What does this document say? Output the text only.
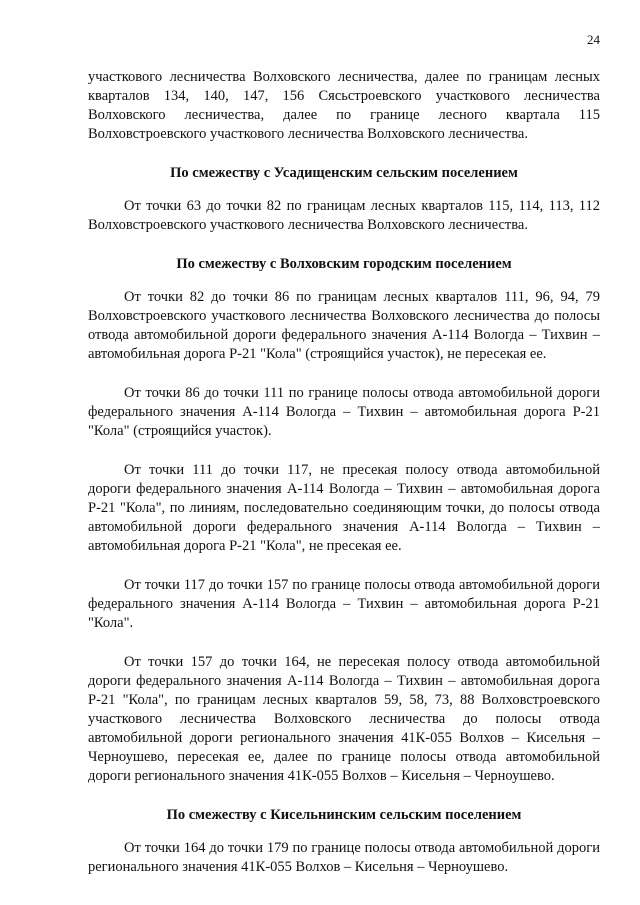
24

участкового лесничества Волховского лесничества, далее по границам лесных кварталов 134, 140, 147, 156 Сясьстроевского участкового лесничества Волховского лесничества, далее по границе лесного квартала 115 Волховстроевского участкового лесничества Волховского лесничества.

По смежеству с Усадищенским сельским поселением

От точки 63 до точки 82 по границам лесных кварталов 115, 114, 113, 112 Волховстроевского участкового лесничества Волховского лесничества.

По смежеству с Волховским городским поселением

От точки 82 до точки 86 по границам лесных кварталов 111, 96, 94, 79 Волховстроевского участкового лесничества Волховского лесничества до полосы отвода автомобильной дороги федерального значения А-114 Вологда – Тихвин – автомобильная дорога Р-21 "Кола" (строящийся участок), не пересекая ее.

От точки 86 до точки 111 по границе полосы отвода автомобильной дороги федерального значения А-114 Вологда – Тихвин – автомобильная дорога Р-21 "Кола" (строящийся участок).

От точки 111 до точки 117, не пресекая полосу отвода автомобильной дороги федерального значения А-114 Вологда – Тихвин – автомобильная дорога Р-21 "Кола", по линиям, последовательно соединяющим точки, до полосы отвода автомобильной дороги федерального значения А-114 Вологда – Тихвин – автомобильная дорога Р-21 "Кола", не пресекая ее.

От точки 117 до точки 157 по границе полосы отвода автомобильной дороги федерального значения А-114 Вологда – Тихвин – автомобильная дорога Р-21 "Кола".

От точки 157 до точки 164, не пересекая полосу отвода автомобильной дороги федерального значения А-114 Вологда – Тихвин – автомобильная дорога Р-21 "Кола", по границам лесных кварталов 59, 58, 73, 88 Волховстроевского участкового лесничества Волховского лесничества до полосы отвода автомобильной дороги регионального значения 41К-055 Волхов – Кисельня – Черноушево, пересекая ее, далее по границе полосы отвода автомобильной дороги регионального значения 41К-055 Волхов – Кисельня – Черноушево.

По смежеству с Кисельнинским сельским поселением

От точки 164 до точки 179 по границе полосы отвода автомобильной дороги регионального значения 41К-055 Волхов – Кисельня – Черноушево.
